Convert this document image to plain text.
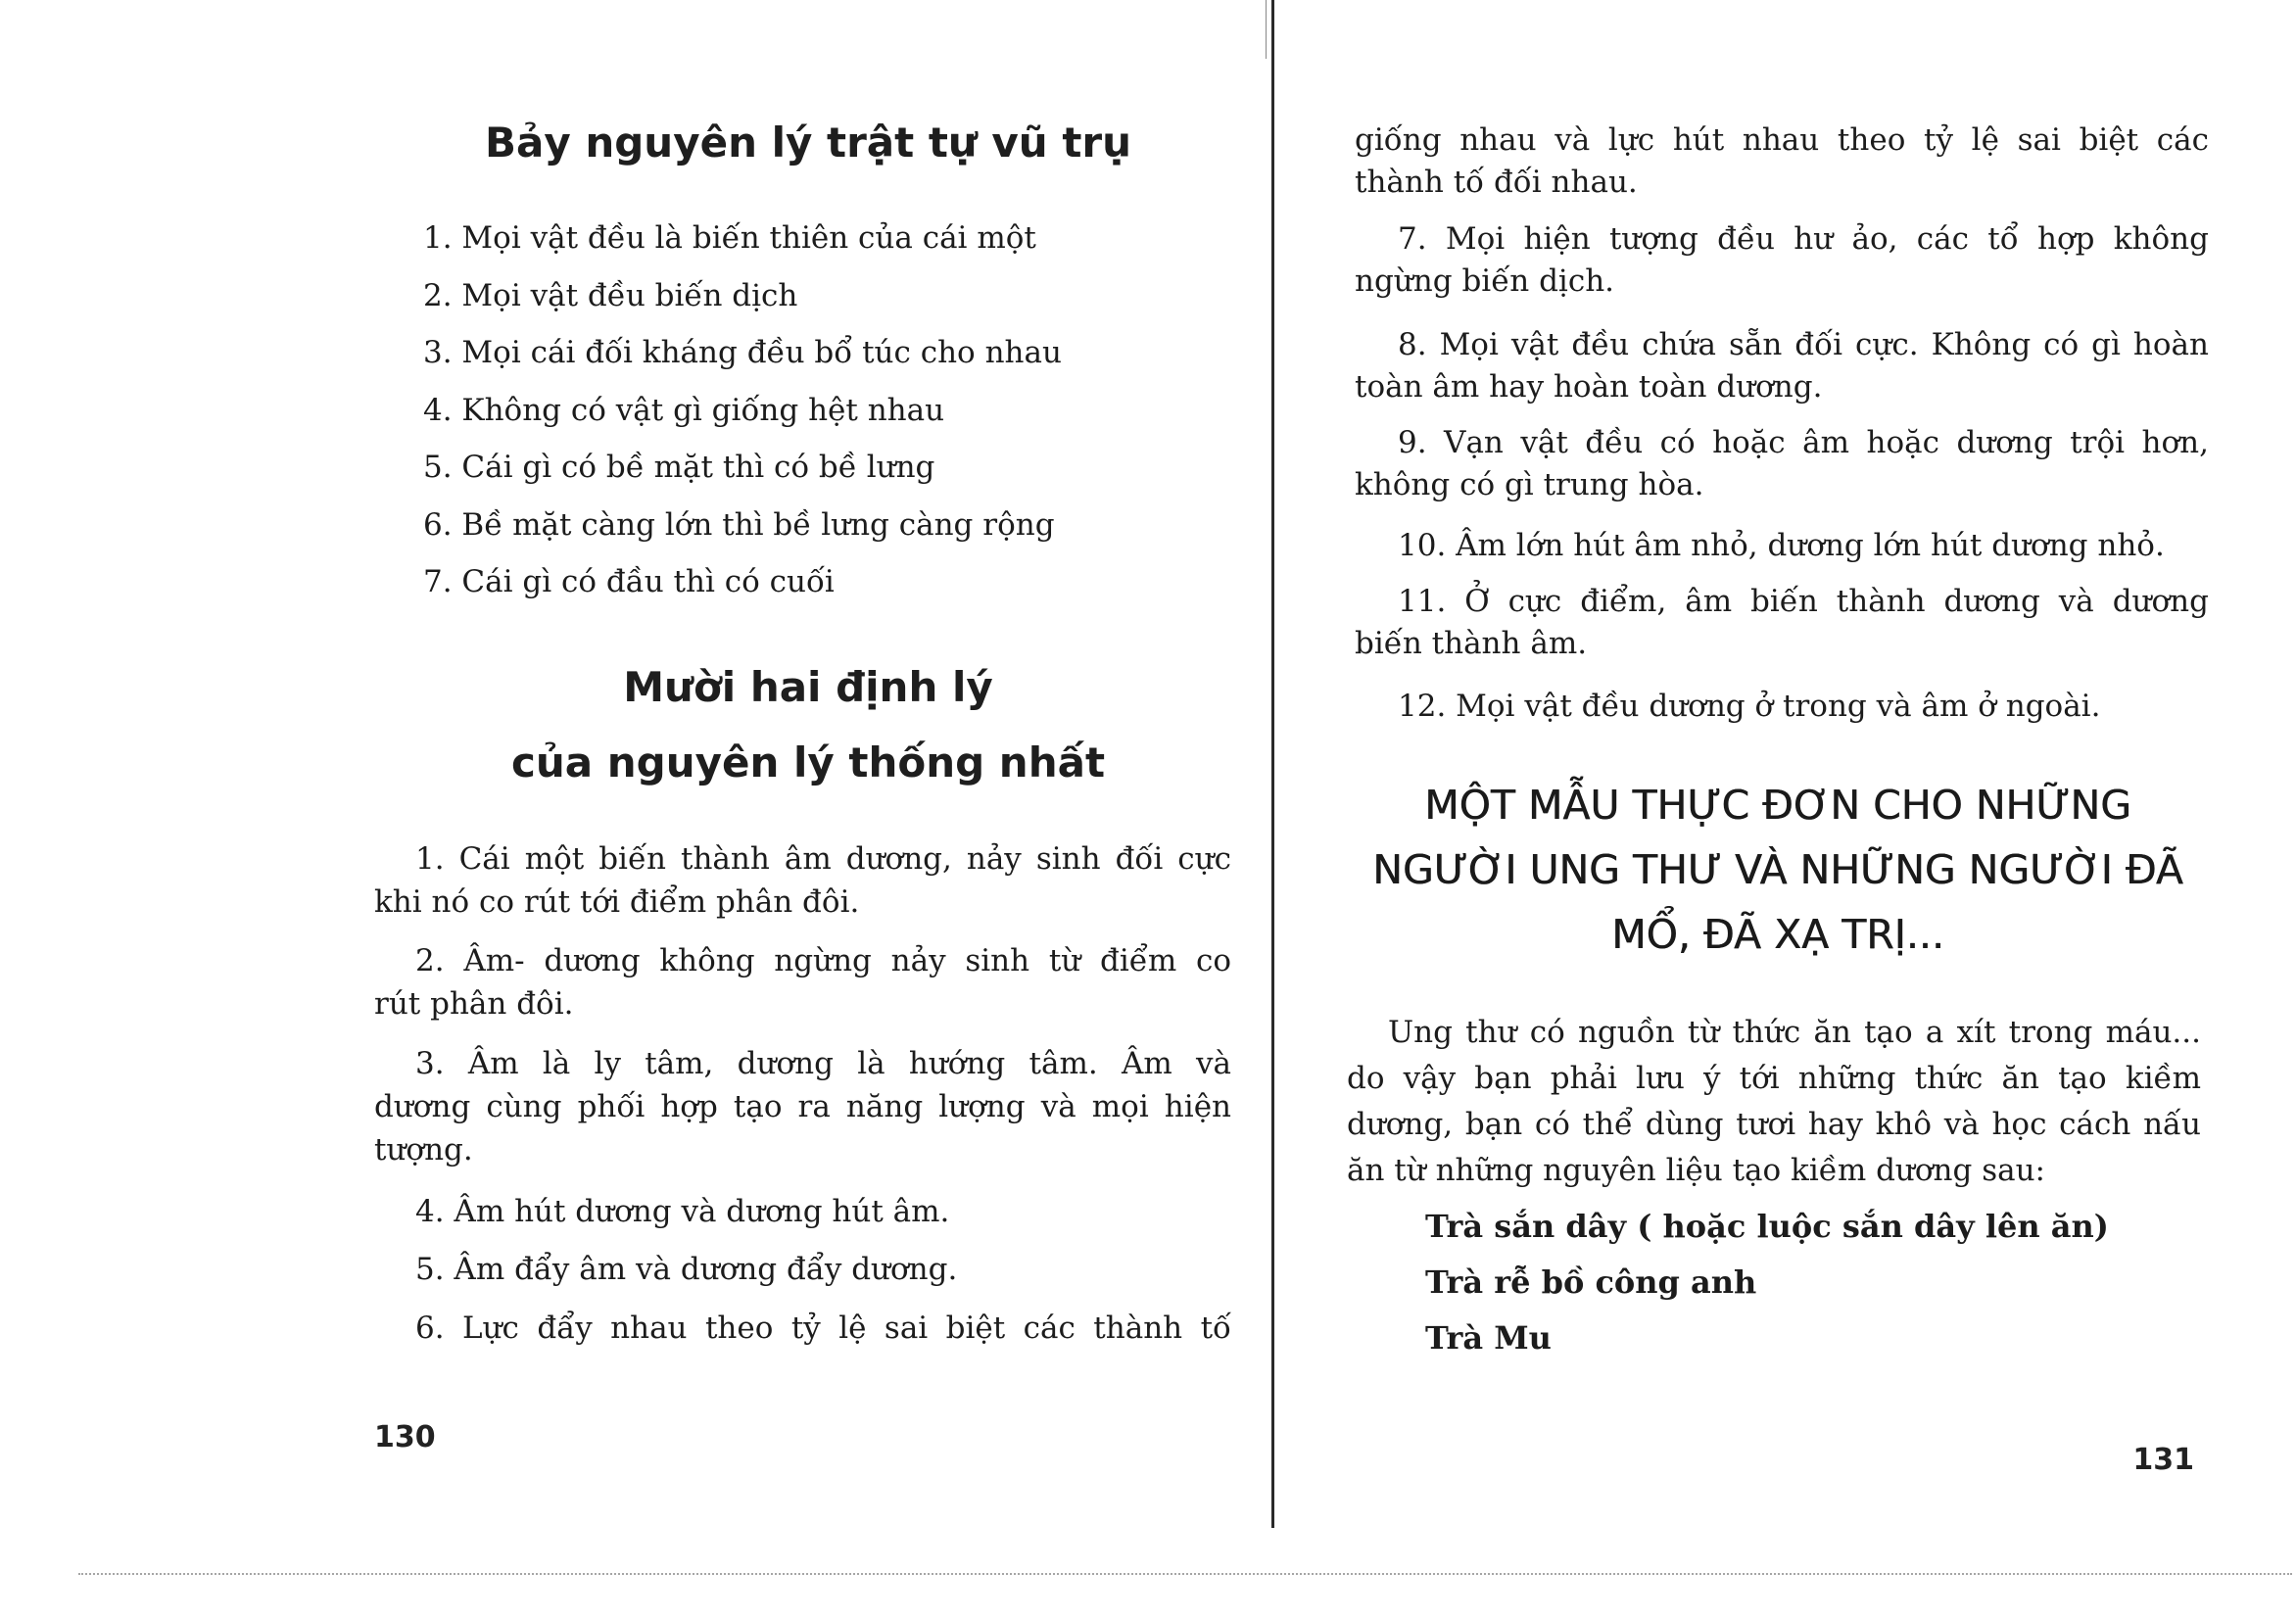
Bảy nguyên lý trật tự vũ trụ
1. Mọi vật đều là biến thiên của cái một
2. Mọi vật đều biến dịch
3. Mọi cái đối kháng đều bổ túc cho nhau
4. Không có vật gì giống hệt nhau
5. Cái gì có bề mặt thì có bề lưng
6. Bề mặt càng lớn thì bề lưng càng rộng
7. Cái gì có đầu thì có cuối
Mười hai định lý
của nguyên lý thống nhất
1. Cái một biến thành âm dương, nảy sinh đối cực
khi nó co rút tới điểm phân đôi.
2. Âm- dương không ngừng nảy sinh từ điểm co
rút phân đôi.
3. Âm là ly tâm, dương là hướng tâm. Âm và
dương cùng phối hợp tạo ra năng lượng và mọi hiện
tượng.
4. Âm hút dương và dương hút âm.
5. Âm đẩy âm và dương đẩy dương.
6. Lực đẩy nhau theo tỷ lệ sai biệt các thành tố
130
giống nhau và lực hút nhau theo tỷ lệ sai biệt các
thành tố đối nhau.
7. Mọi hiện tượng đều hư ảo, các tổ hợp không
ngừng biến dịch.
8. Mọi vật đều chứa sẵn đối cực. Không có gì hoàn
toàn âm hay hoàn toàn dương.
9. Vạn vật đều có hoặc âm hoặc dương trội hơn,
không có gì trung hòa.
10. Âm lớn hút âm nhỏ, dương lớn hút dương nhỏ.
11. Ở cực điểm, âm biến thành dương và dương
biến thành âm.
12. Mọi vật đều dương ở trong và âm ở ngoài.
MỘT MẪU THỰC ĐƠN CHO NHỮNG
NGƯỜI UNG THƯ VÀ NHỮNG NGƯỜI ĐÃ
MỔ, ĐÃ XẠ TRỊ...
Ung thư có nguồn từ thức ăn tạo a xít trong máu...
do vậy bạn phải lưu ý tới những thức ăn tạo kiềm
dương, bạn có thể dùng tươi hay khô và học cách nấu
ăn từ những nguyên liệu tạo kiềm dương sau:
Trà sắn dây ( hoặc luộc sắn dây lên ăn)
Trà rễ bồ công anh
Trà Mu
131
